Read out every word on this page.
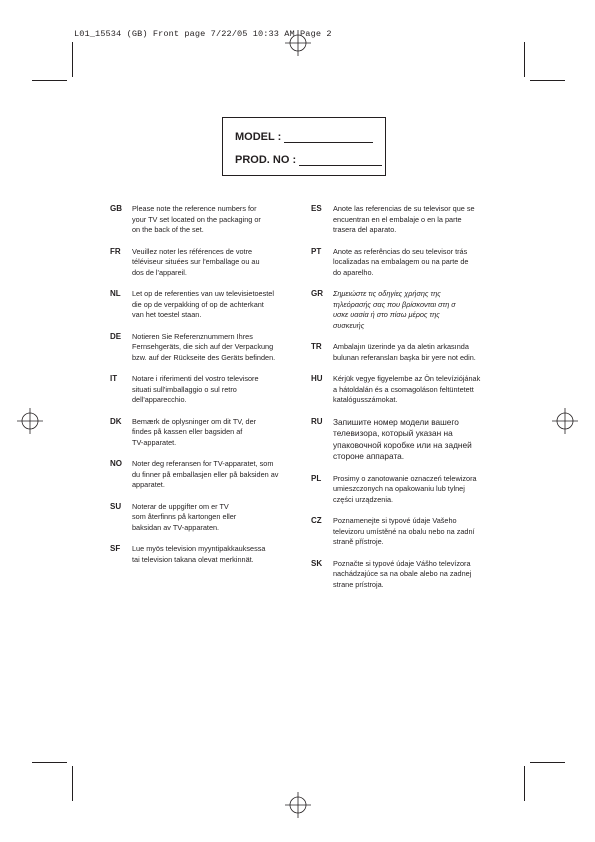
L01_15534 (GB) Front page 7/22/05 10:33 AM Page 2
MODEL :
PROD. NO :
GB	Please note the reference numbers for
your TV set located on the packaging or
on the back of the set.
FR	Veuillez noter les références de votre
téléviseur situées sur l'emballage ou au
dos de l'appareil.
NL	Let op de referenties van uw televisietoestel
die op de verpakking of op de achterkant
van het toestel staan.
DE	Notieren Sie Referenznummern Ihres
Fernsehgeräts, die sich auf der Verpackung
bzw. auf der Rückseite des Geräts befinden.
IT	Notare i riferimenti del vostro televisore
situati sull'imballaggio o sul retro
dell'apparecchio.
DK	Bemærk de oplysninger om dit TV, der
findes på kassen eller bagsiden af
TV-apparatet.
NO	Noter deg referansen for TV-apparatet, som
du finner på emballasjen eller på baksiden av
apparatet.
SU	Noterar de uppgifter om er TV
som återfinns på kartongen eller
baksidan av TV-apparaten.
SF	Lue myös television myyntipakkauksessa
tai television takana olevat merkinnät.
ES	Anote las referencias de su televisor que se
encuentran en el embalaje o en la parte
trasera del aparato.
PT	Anote as referências do seu televisor trás
localizadas na embalagem ou na parte de
do aparelho.
GR	Σημειώστε τις οδηγίες χρήσης της
τηλεόρασής σας που βρίσκονται στη σ
υσκε υασία ή στο πίσω μέρος της
συσκευής
TR	Ambalajın üzerinde ya da aletin arkasında
bulunan referansları başka bir yere not edin.
HU	Kérjük vegye figyelembe az Ön televíziójának
a hátoldalán és a csomagoláson feltüntetett
katalógusszámokat.
RU	Запишите номер модели вашего
телевизора, который указан на
упаковочной коробке или на задней
стороне аппарата.
PL	Prosimy o zanotowanie oznaczeń telewizora
umieszczonych na opakowaniu lub tylnej
części urządzenia.
CZ	Poznamenejte si typové údaje Vašeho
televizoru umístěné na obalu nebo na zadní
straně přístroje.
SK	Poznačte si typové údaje Vášho televízora
nachádzajúce sa na obale alebo na zadnej
strane prístroja.
